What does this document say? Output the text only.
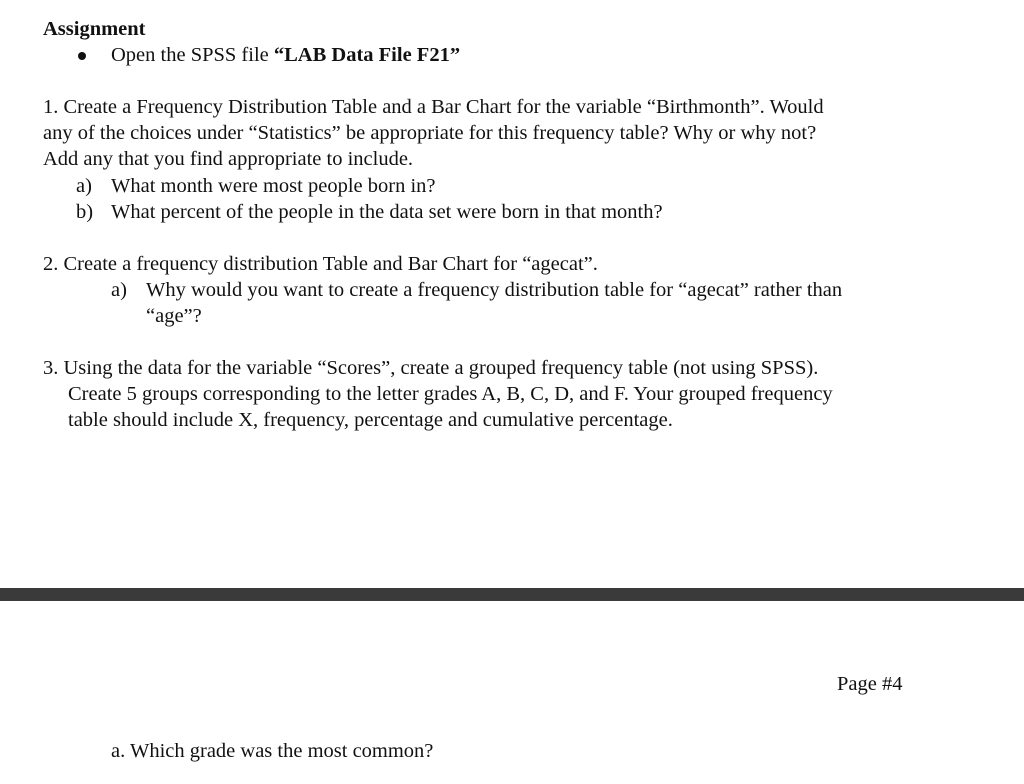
Assignment
Open the SPSS file “LAB Data File F21”
1. Create a Frequency Distribution Table and a Bar Chart for the variable “Birthmonth”. Would
any of the choices under “Statistics” be appropriate for this frequency table? Why or why not?
Add any that you find appropriate to include.
a) What month were most people born in?
b) What percent of the people in the data set were born in that month?
2. Create a frequency distribution Table and Bar Chart for “agecat”.
a) Why would you want to create a frequency distribution table for “agecat” rather than
“age”?
3. Using the data for the variable “Scores”, create a grouped frequency table (not using SPSS).
Create 5 groups corresponding to the letter grades A, B, C, D, and F. Your grouped frequency
table should include X, frequency, percentage and cumulative percentage.
Page #4
a. Which grade was the most common?
